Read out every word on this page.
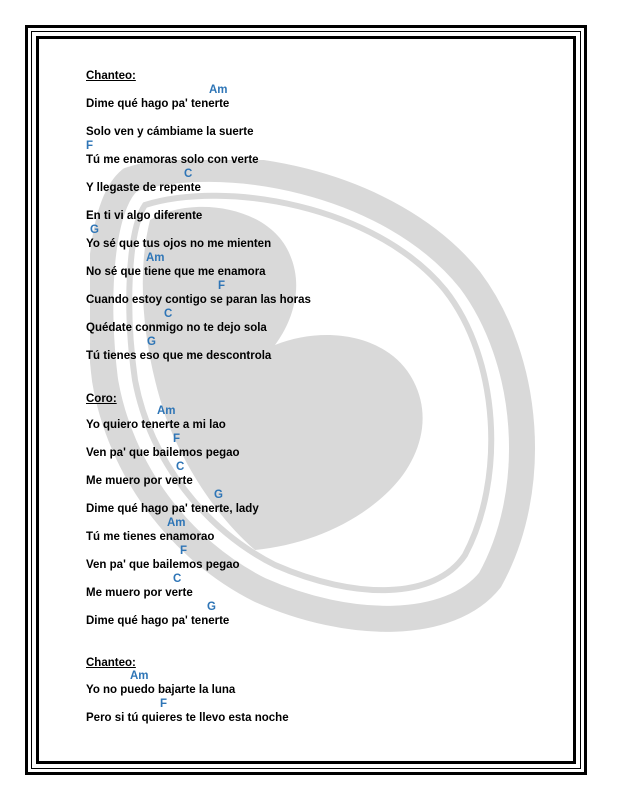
Chanteo:
Am
Dime qué hago pa' tenerte
Solo ven y cámbiame la suerte
F
Tú me enamoras solo con verte
C
Y llegaste de repente
En ti vi algo diferente
G
Yo sé que tus ojos no me mienten
Am
No sé que tiene que me enamora
F
Cuando estoy contigo se paran las horas
C
Quédate conmigo no te dejo sola
G
Tú tienes eso que me descontrola
Coro:
Am
Yo quiero tenerte a mi lao
F
Ven pa' que bailemos pegao
C
Me muero por verte
G
Dime qué hago pa' tenerte, lady
Am
Tú me tienes enamorao
F
Ven pa' que bailemos pegao
C
Me muero por verte
G
Dime qué hago pa' tenerte
Chanteo:
Am
Yo no puedo bajarte la luna
F
Pero si tú quieres te llevo esta noche
